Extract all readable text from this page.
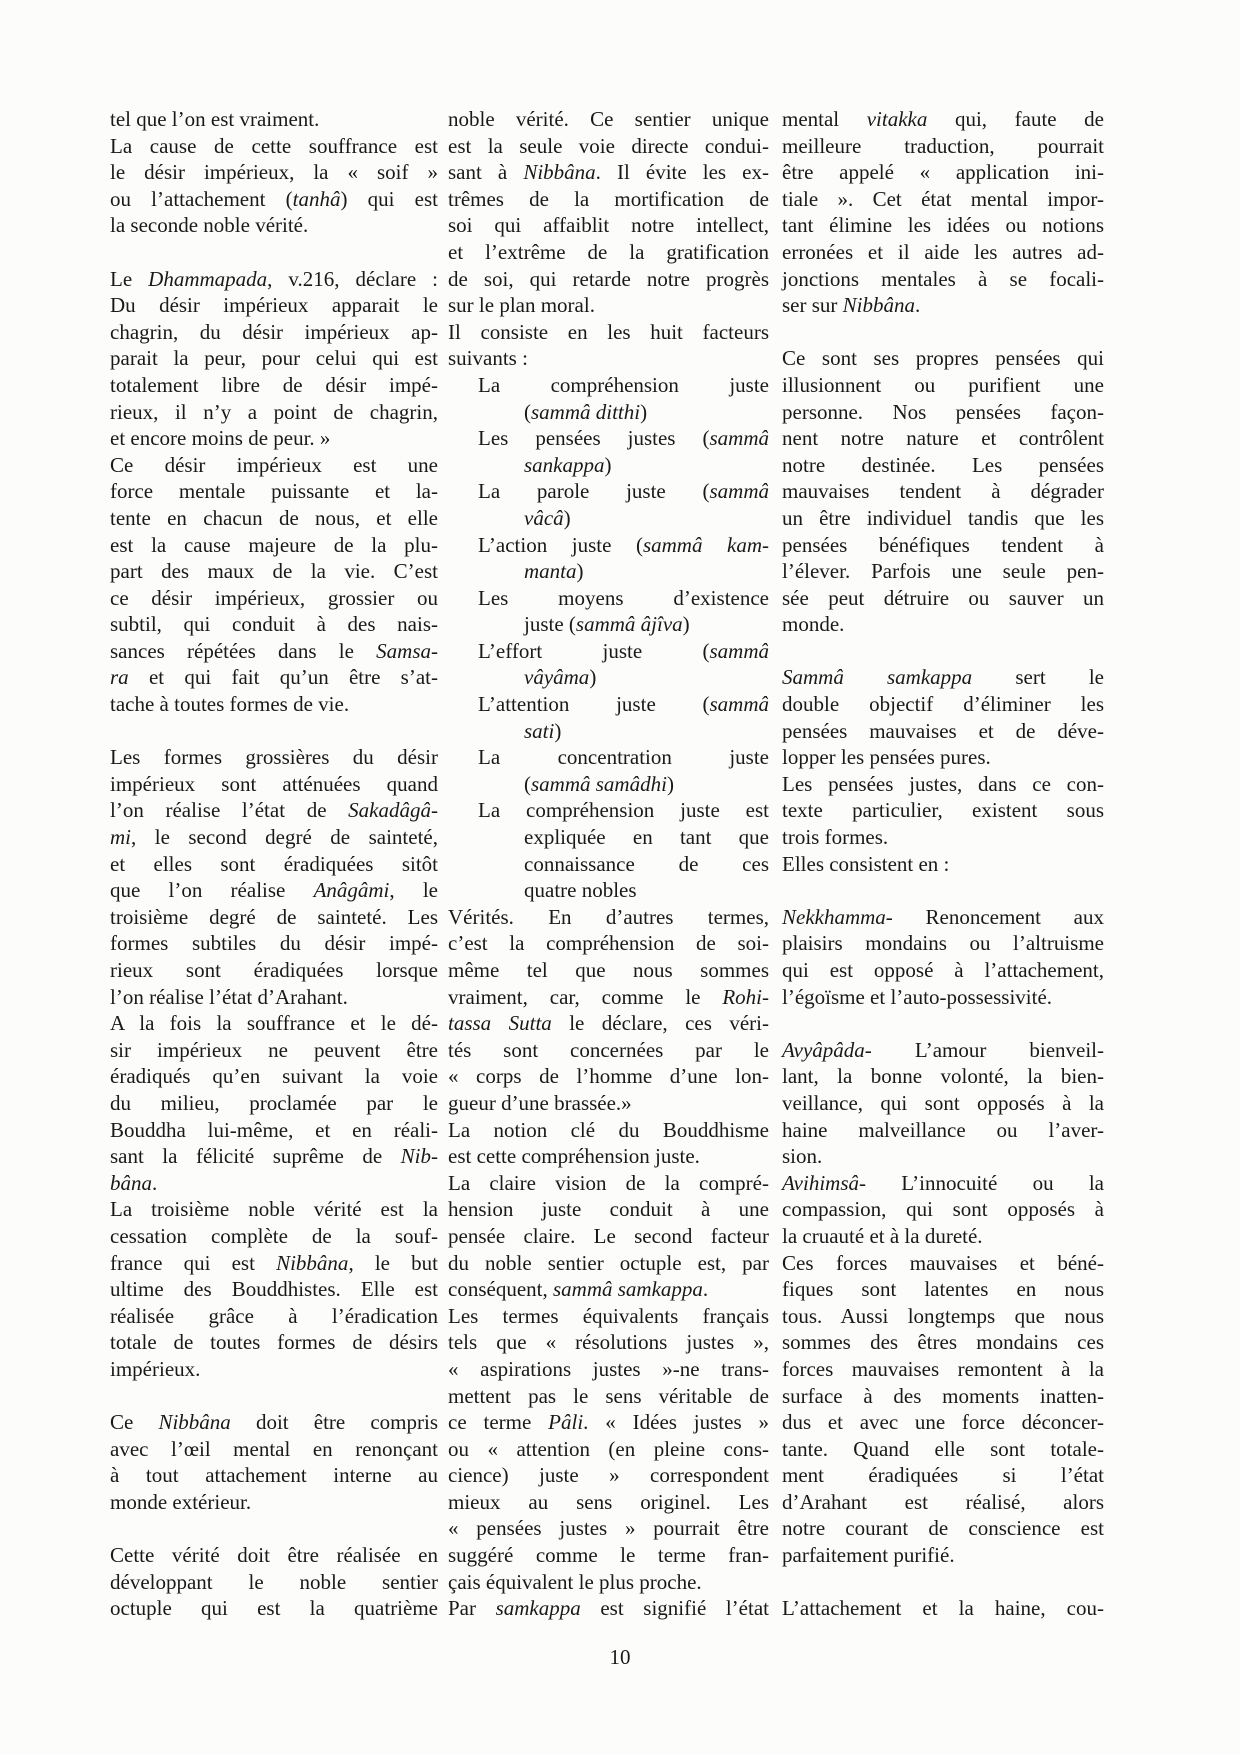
tel que l’on est vraiment.
La cause de cette souffrance est
le désir impérieux, la « soif »
ou l’attachement (tanhâ) qui est
la seconde noble vérité.

Le Dhammapada, v.216, déclare :
Du désir impérieux apparait le
chagrin, du désir impérieux ap-
parait la peur, pour celui qui est
totalement libre de désir impé-
rieux, il n’y a point de chagrin,
et encore moins de peur. »
Ce désir impérieux est une
force mentale puissante et la-
tente en chacun de nous, et elle
est la cause majeure de la plu-
part des maux de la vie. C’est
ce désir impérieux, grossier ou
subtil, qui conduit à des nais-
sances répétées dans le Samsa-
ra et qui fait qu’un être s’at-
tache à toutes formes de vie.

Les formes grossières du désir
impérieux sont atténuées quand
l’on réalise l’état de Sakadâgâ-
mi, le second degré de sainteté,
et elles sont éradiquées sitôt
que l’on réalise Anâgâmi, le
troisième degré de sainteté. Les
formes subtiles du désir impé-
rieux sont éradiquées lorsque
l’on réalise l’état d’Arahant.
A la fois la souffrance et le dé-
sir impérieux ne peuvent être
éradiqués qu’en suivant la voie
du milieu, proclamée par le
Bouddha lui-même, et en réali-
sant la félicité suprême de Nib-
bâna.
La troisième noble vérité est la
cessation complète de la souf-
france qui est Nibbâna, le but
ultime des Bouddhistes. Elle est
réalisée grâce à l’éradication
totale de toutes formes de désirs
impérieux.

Ce Nibbâna doit être compris
avec l’œil mental en renonçant
à tout attachement interne au
monde extérieur.

Cette vérité doit être réalisée en
développant le noble sentier
octuple qui est la quatrième
noble vérité. Ce sentier unique
est la seule voie directe condui-
sant à Nibbâna. Il évite les ex-
trêmes de la mortification de
soi qui affaiblit notre intellect,
et l’extrême de la gratification
de soi, qui retarde notre progrès
sur le plan moral.
Il consiste en les huit facteurs
suivants :
La compréhension juste
(sammâ ditthi)
Les pensées justes (sammâ
sankappa)
La parole juste (sammâ
vâcâ)
L’action juste (sammâ kam-
manta)
Les moyens d’existence
juste (sammâ âjîva)
L’effort juste (sammâ
vâyâma)
L’attention juste (sammâ
sati)
La concentration juste
(sammâ samâdhi)
La compréhension juste est
expliquée en tant que
connaissance de ces
quatre nobles
Vérités. En d’autres termes,
c’est la compréhension de soi-
même tel que nous sommes
vraiment, car, comme le Rohi-
tassa Sutta le déclare, ces véri-
tés sont concernées par le
« corps de l’homme d’une lon-
gueur d’une brassée.»
La notion clé du Bouddhisme
est cette compréhension juste.
La claire vision de la compré-
hension juste conduit à une
pensée claire. Le second facteur
du noble sentier octuple est, par
conséquent, sammâ samkappa.
Les termes équivalents français
tels que « résolutions justes »,
« aspirations justes »-ne trans-
mettent pas le sens véritable de
ce terme Pâli. « Idées justes »
ou « attention (en pleine cons-
cience) juste » correspondent
mieux au sens originel. Les
« pensées justes » pourrait être
suggéré comme le terme fran-
çais équivalent le plus proche.
Par samkappa est signifié l’état
mental vitakka qui, faute de
meilleure traduction, pourrait
être appelé « application ini-
tiale ». Cet état mental impor-
tant élimine les idées ou notions
erronées et il aide les autres ad-
jonctions mentales à se focali-
ser sur Nibbâna.

Ce sont ses propres pensées qui
illusionnent ou purifient une
personne. Nos pensées façon-
nent notre nature et contrôlent
notre destinée. Les pensées
mauvaises tendent à dégrader
un être individuel tandis que les
pensées bénéfiques tendent à
l’élever. Parfois une seule pen-
sée peut détruire ou sauver un
monde.

Sammâ samkappa sert le
double objectif d’éliminer les
pensées mauvaises et de déve-
lopper les pensées pures.
Les pensées justes, dans ce con-
texte particulier, existent sous
trois formes.
Elles consistent en :

Nekkhamma- Renoncement aux
plaisirs mondains ou l’altruisme
qui est opposé à l’attachement,
l’égoïsme et l’auto-possessivité.

Avyâpâda- L’amour bienveil-
lant, la bonne volonté, la bien-
veillance, qui sont opposés à la
haine malveillance ou l’aver-
sion.
Avihimsâ- L’innocuité ou la
compassion, qui sont opposés à
la cruauté et à la dureté.
Ces forces mauvaises et béné-
fiques sont latentes en nous
tous. Aussi longtemps que nous
sommes des êtres mondains ces
forces mauvaises remontent à la
surface à des moments inatten-
dus et avec une force déconcer-
tante. Quand elle sont totale-
ment éradiquées si l’état
d’Arahant est réalisé, alors
notre courant de conscience est
parfaitement purifié.

L’attachement et la haine, cou-
10
